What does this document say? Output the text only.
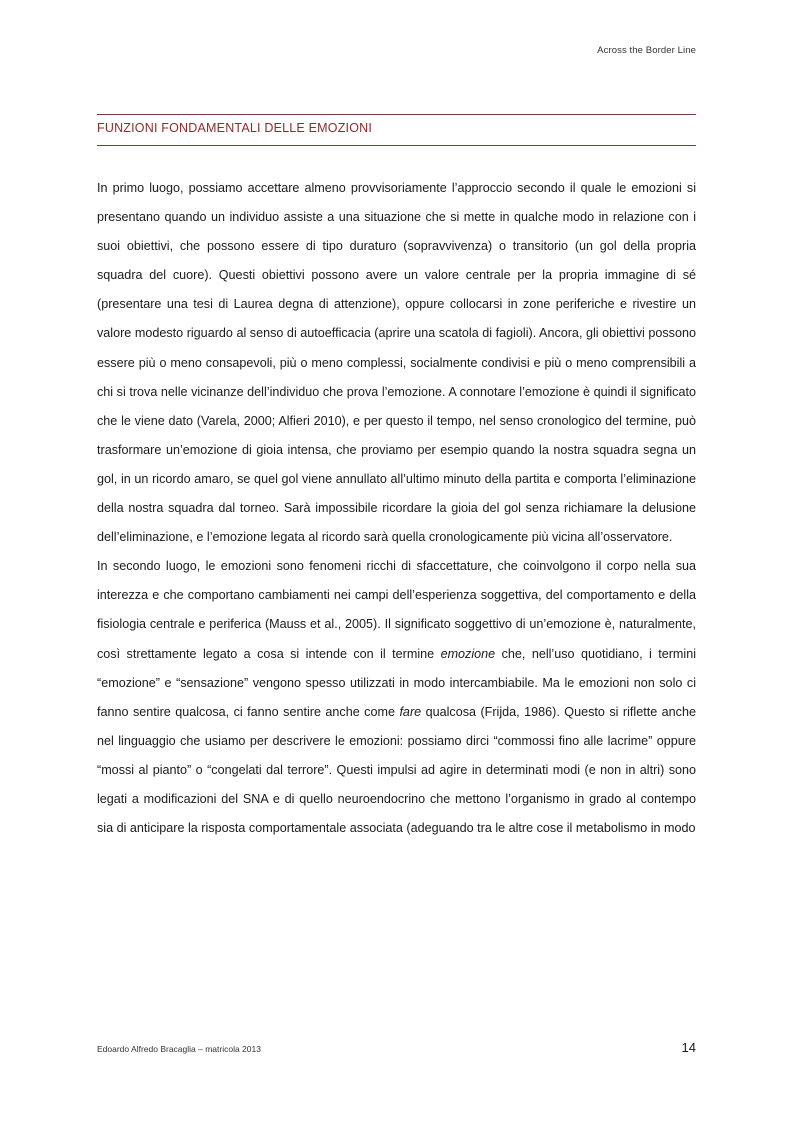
Across the Border Line
FUNZIONI FONDAMENTALI DELLE EMOZIONI

In primo luogo, possiamo accettare almeno provvisoriamente l’approccio secondo il quale le emozioni si presentano quando un individuo assiste a una situazione che si mette in qualche modo in relazione con i suoi obiettivi, che possono essere di tipo duraturo (sopravvivenza) o transitorio (un gol della propria squadra del cuore). Questi obiettivi possono avere un valore centrale per la propria immagine di sé (presentare una tesi di Laurea degna di attenzione), oppure collocarsi in zone periferiche e rivestire un valore modesto riguardo al senso di autoefficacia (aprire una scatola di fagioli). Ancora, gli obiettivi possono essere più o meno consapevoli, più o meno complessi, socialmente condivisi e più o meno comprensibili a chi si trova nelle vicinanze dell’individuo che prova l’emozione. A connotare l’emozione è quindi il significato che le viene dato (Varela, 2000; Alfieri 2010), e per questo il tempo, nel senso cronologico del termine, può trasformare un’emozione di gioia intensa, che proviamo per esempio quando la nostra squadra segna un gol, in un ricordo amaro, se quel gol viene annullato all’ultimo minuto della partita e comporta l’eliminazione della nostra squadra dal torneo. Sarà impossibile ricordare la gioia del gol senza richiamare la delusione dell’eliminazione, e l’emozione legata al ricordo sarà quella cronologicamente più vicina all’osservatore.

In secondo luogo, le emozioni sono fenomeni ricchi di sfaccettature, che coinvolgono il corpo nella sua interezza e che comportano cambiamenti nei campi dell’esperienza soggettiva, del comportamento e della fisiologia centrale e periferica (Mauss et al., 2005). Il significato soggettivo di un’emozione è, naturalmente, così strettamente legato a cosa si intende con il termine emozione che, nell’uso quotidiano, i termini “emozione” e “sensazione” vengono spesso utilizzati in modo intercambiabile. Ma le emozioni non solo ci fanno sentire qualcosa, ci fanno sentire anche come fare qualcosa (Frijda, 1986). Questo si riflette anche nel linguaggio che usiamo per descrivere le emozioni: possiamo dirci “commossi fino alle lacrime” oppure “mossi al pianto” o “congelati dal terrore”. Questi impulsi ad agire in determinati modi (e non in altri) sono legati a modificazioni del SNA e di quello neuroendocrino che mettono l’organismo in grado al contempo sia di anticipare la risposta comportamentale associata (adeguando tra le altre cose il metabolismo in modo

Edoardo Alfredo Bracaglia – matricola 2013	14
